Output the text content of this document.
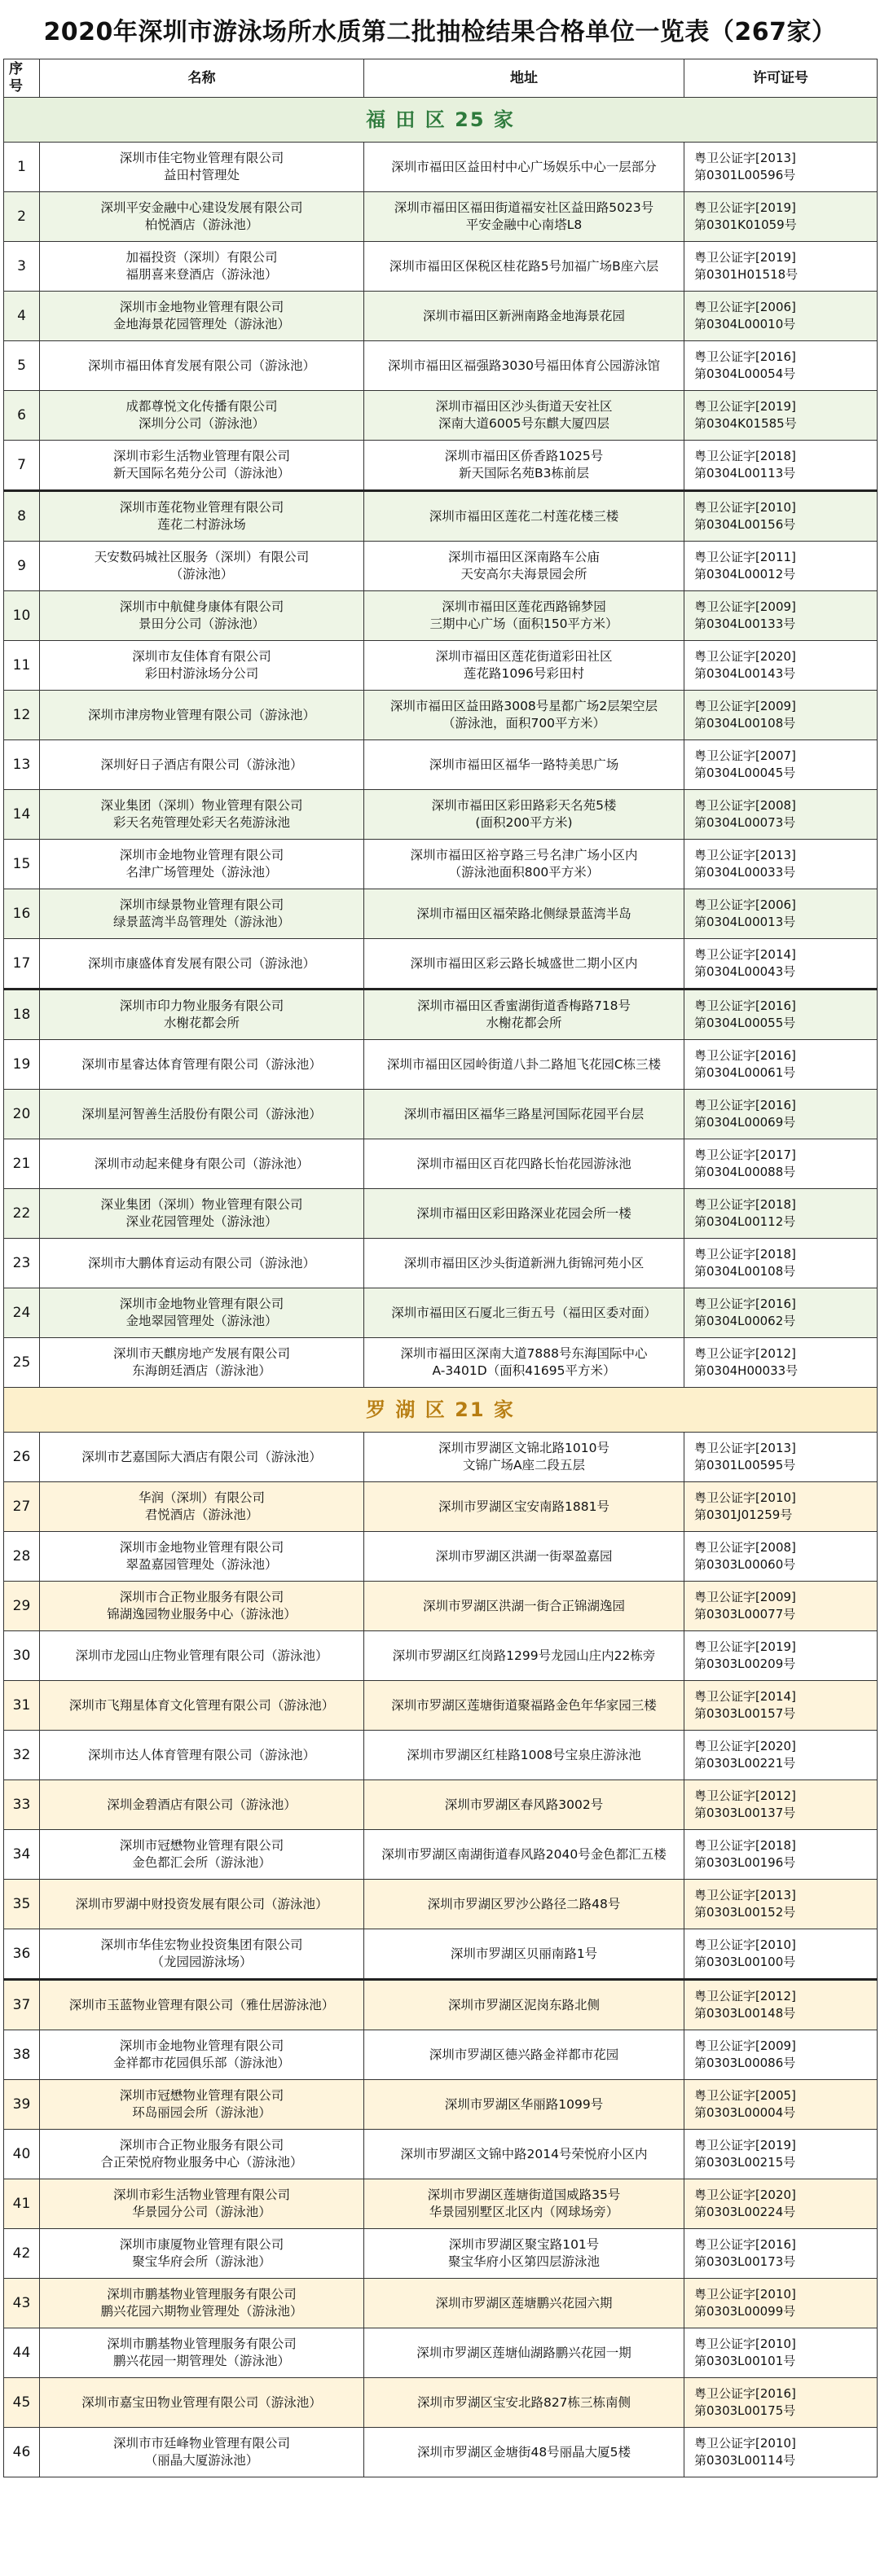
2020年深圳市游泳场所水质第二批抽检结果合格单位一览表（267家）
序号	名称	地址	许可证号
福 田 区 25 家			

1	深圳市佳宅物业管理有限公司
益田村管理处	深圳市福田区益田村中心广场娱乐中心一层部分	粤卫公证字[2013]
第0301L00596号

2	深圳平安金融中心建设发展有限公司
柏悦酒店（游泳池）	深圳市福田区福田街道福安社区益田路5023号
平安金融中心南塔L8	粤卫公证字[2019]
第0301K01059号

3	加福投资（深圳）有限公司
福朋喜来登酒店（游泳池）	深圳市福田区保税区桂花路5号加福广场B座六层	粤卫公证字[2019]
第0301H01518号

4	深圳市金地物业管理有限公司
金地海景花园管理处（游泳池）	深圳市福田区新洲南路金地海景花园	粤卫公证字[2006]
第0304L00010号

5	深圳市福田体育发展有限公司（游泳池）	深圳市福田区福强路3030号福田体育公园游泳馆	粤卫公证字[2016]
第0304L00054号

6	成都尊悦文化传播有限公司
深圳分公司（游泳池）	深圳市福田区沙头街道天安社区
深南大道6005号东麒大厦四层	粤卫公证字[2019]
第0304K01585号

7	深圳市彩生活物业管理有限公司
新天国际名苑分公司（游泳池）	深圳市福田区侨香路1025号
新天国际名苑B3栋前层	粤卫公证字[2018]
第0304L00113号

8	深圳市莲花物业管理有限公司
莲花二村游泳场	深圳市福田区莲花二村莲花楼三楼	粤卫公证字[2010]
第0304L00156号

9	天安数码城社区服务（深圳）有限公司
（游泳池）	深圳市福田区深南路车公庙
天安高尔夫海景园会所	粤卫公证字[2011]
第0304L00012号

10	深圳市中航健身康体有限公司
景田分公司（游泳池）	深圳市福田区莲花西路锦梦园
三期中心广场（面积150平方米）	粤卫公证字[2009]
第0304L00133号

11	深圳市友佳体育有限公司
彩田村游泳场分公司	深圳市福田区莲花街道彩田社区
莲花路1096号彩田村	粤卫公证字[2020]
第0304L00143号

12	深圳市津房物业管理有限公司（游泳池）	深圳市福田区益田路3008号星都广场2层架空层
（游泳池，面积700平方米）	粤卫公证字[2009]
第0304L00108号

13	深圳好日子酒店有限公司（游泳池）	深圳市福田区福华一路特美思广场	粤卫公证字[2007]
第0304L00045号

14	深业集团（深圳）物业管理有限公司
彩天名苑管理处彩天名苑游泳池	深圳市福田区彩田路彩天名苑5楼
(面积200平方米)	粤卫公证字[2008]
第0304L00073号

15	深圳市金地物业管理有限公司
名津广场管理处（游泳池）	深圳市福田区裕亨路三号名津广场小区内
（游泳池面积800平方米）	粤卫公证字[2013]
第0304L00033号

16	深圳市绿景物业管理有限公司
绿景蓝湾半岛管理处（游泳池）	深圳市福田区福荣路北侧绿景蓝湾半岛	粤卫公证字[2006]
第0304L00013号

17	深圳市康盛体育发展有限公司（游泳池）	深圳市福田区彩云路长城盛世二期小区内	粤卫公证字[2014]
第0304L00043号

18	深圳市印力物业服务有限公司
水榭花都会所	深圳市福田区香蜜湖街道香梅路718号
水榭花都会所	粤卫公证字[2016]
第0304L00055号

19	深圳市星睿达体育管理有限公司（游泳池）	深圳市福田区园岭街道八卦二路旭飞花园C栋三楼	粤卫公证字[2016]
第0304L00061号

20	深圳星河智善生活股份有限公司（游泳池）	深圳市福田区福华三路星河国际花园平台层	粤卫公证字[2016]
第0304L00069号

21	深圳市动起来健身有限公司（游泳池）	深圳市福田区百花四路长怡花园游泳池	粤卫公证字[2017]
第0304L00088号

22	深业集团（深圳）物业管理有限公司
深业花园管理处（游泳池）	深圳市福田区彩田路深业花园会所一楼	粤卫公证字[2018]
第0304L00112号

23	深圳市大鹏体育运动有限公司（游泳池）	深圳市福田区沙头街道新洲九街锦河苑小区	粤卫公证字[2018]
第0304L00108号

24	深圳市金地物业管理有限公司
金地翠园管理处（游泳池）	深圳市福田区石厦北三街五号（福田区委对面）	粤卫公证字[2016]
第0304L00062号

25	深圳市天麒房地产发展有限公司
东海朗廷酒店（游泳池）	深圳市福田区深南大道7888号东海国际中心
A-3401D（面积41695平方米）	粤卫公证字[2012]
第0304H00033号

罗 湖 区 21 家			

26	深圳市艺嘉国际大酒店有限公司（游泳池）	深圳市罗湖区文锦北路1010号
文锦广场A座二段五层	粤卫公证字[2013]
第0301L00595号

27	华润（深圳）有限公司
君悦酒店（游泳池）	深圳市罗湖区宝安南路1881号	粤卫公证字[2010]
第0301J01259号

28	深圳市金地物业管理有限公司
翠盈嘉园管理处（游泳池）	深圳市罗湖区洪湖一街翠盈嘉园	粤卫公证字[2008]
第0303L00060号

29	深圳市合正物业服务有限公司
锦湖逸园物业服务中心（游泳池）	深圳市罗湖区洪湖一街合正锦湖逸园	粤卫公证字[2009]
第0303L00077号

30	深圳市龙园山庄物业管理有限公司（游泳池）	深圳市罗湖区红岗路1299号龙园山庄内22栋旁	粤卫公证字[2019]
第0303L00209号

31	深圳市飞翔星体育文化管理有限公司（游泳池）	深圳市罗湖区莲塘街道聚福路金色年华家园三楼	粤卫公证字[2014]
第0303L00157号

32	深圳市达人体育管理有限公司（游泳池）	深圳市罗湖区红桂路1008号宝泉庄游泳池	粤卫公证字[2020]
第0303L00221号

33	深圳金碧酒店有限公司（游泳池）	深圳市罗湖区春风路3002号	粤卫公证字[2012]
第0303L00137号

34	深圳市冠懋物业管理有限公司
金色都汇会所（游泳池）	深圳市罗湖区南湖街道春风路2040号金色都汇五楼	粤卫公证字[2018]
第0303L00196号

35	深圳市罗湖中财投资发展有限公司（游泳池）	深圳市罗湖区罗沙公路径二路48号	粤卫公证字[2013]
第0303L00152号

36	深圳市华佳宏物业投资集团有限公司
（龙园园游泳场）	深圳市罗湖区贝丽南路1号	粤卫公证字[2010]
第0303L00100号

37	深圳市玉蓝物业管理有限公司（雅仕居游泳池）	深圳市罗湖区泥岗东路北侧	粤卫公证字[2012]
第0303L00148号

38	深圳市金地物业管理有限公司
金祥都市花园俱乐部（游泳池）	深圳市罗湖区德兴路金祥都市花园	粤卫公证字[2009]
第0303L00086号

39	深圳市冠懋物业管理有限公司
环岛丽园会所（游泳池）	深圳市罗湖区华丽路1099号	粤卫公证字[2005]
第0303L00004号

40	深圳市合正物业服务有限公司
合正荣悦府物业服务中心（游泳池）	深圳市罗湖区文锦中路2014号荣悦府小区内	粤卫公证字[2019]
第0303L00215号

41	深圳市彩生活物业管理有限公司
华景园分公司（游泳池）	深圳市罗湖区莲塘街道国威路35号
华景园别墅区北区内（网球场旁）	粤卫公证字[2020]
第0303L00224号

42	深圳市康厦物业管理有限公司
聚宝华府会所（游泳池）	深圳市罗湖区聚宝路101号
聚宝华府小区第四层游泳池	粤卫公证字[2016]
第0303L00173号

43	深圳市鹏基物业管理服务有限公司
鹏兴花园六期物业管理处（游泳池）	深圳市罗湖区莲塘鹏兴花园六期	粤卫公证字[2010]
第0303L00099号

44	深圳市鹏基物业管理服务有限公司
鹏兴花园一期管理处（游泳池）	深圳市罗湖区莲塘仙湖路鹏兴花园一期	粤卫公证字[2010]
第0303L00101号

45	深圳市嘉宝田物业管理有限公司（游泳池）	深圳市罗湖区宝安北路827栋三栋南侧	粤卫公证字[2016]
第0303L00175号

46	深圳市市廷峰物业管理有限公司
（丽晶大厦游泳池）	深圳市罗湖区金塘街48号丽晶大厦5楼	粤卫公证字[2010]
第0303L00114号
